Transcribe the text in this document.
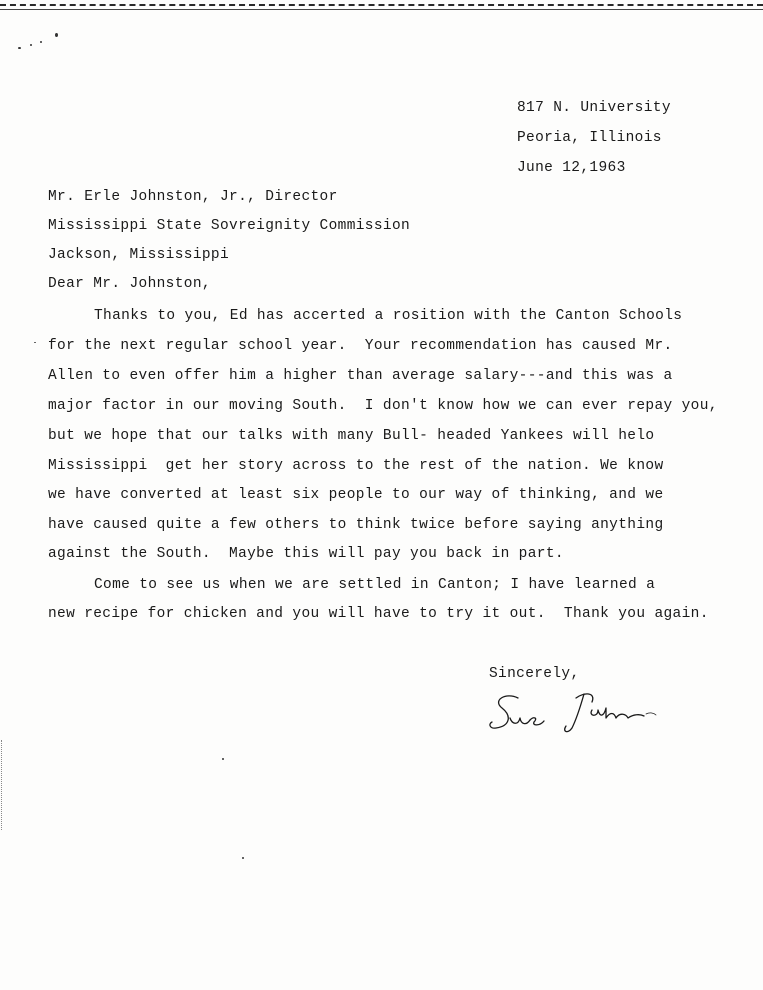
817 N. University
Peoria, Illinois
June 12,1963
Mr. Erle Johnston, Jr., Director
Mississippi State Sovreignity Commission
Jackson, Mississippi
Dear Mr. Johnston,
Thanks to you, Ed has accerted a rosition with the Canton Schools
for the next regular school year.  Your recommendation has caused Mr.
Allen to even offer him a higher than average salary---and this was a
major factor in our moving South.  I don't know how we can ever repay you,
but we hope that our talks with many Bull- headed Yankees will helo
Mississippi  get her story across to the rest of the nation. We know
we have converted at least six people to our way of thinking, and we
have caused quite a few others to think twice before saying anything
against the South.  Maybe this will pay you back in part.
Come to see us when we are settled in Canton; I have learned a
new recipe for chicken and you will have to try it out.  Thank you again.
Sincerely,
